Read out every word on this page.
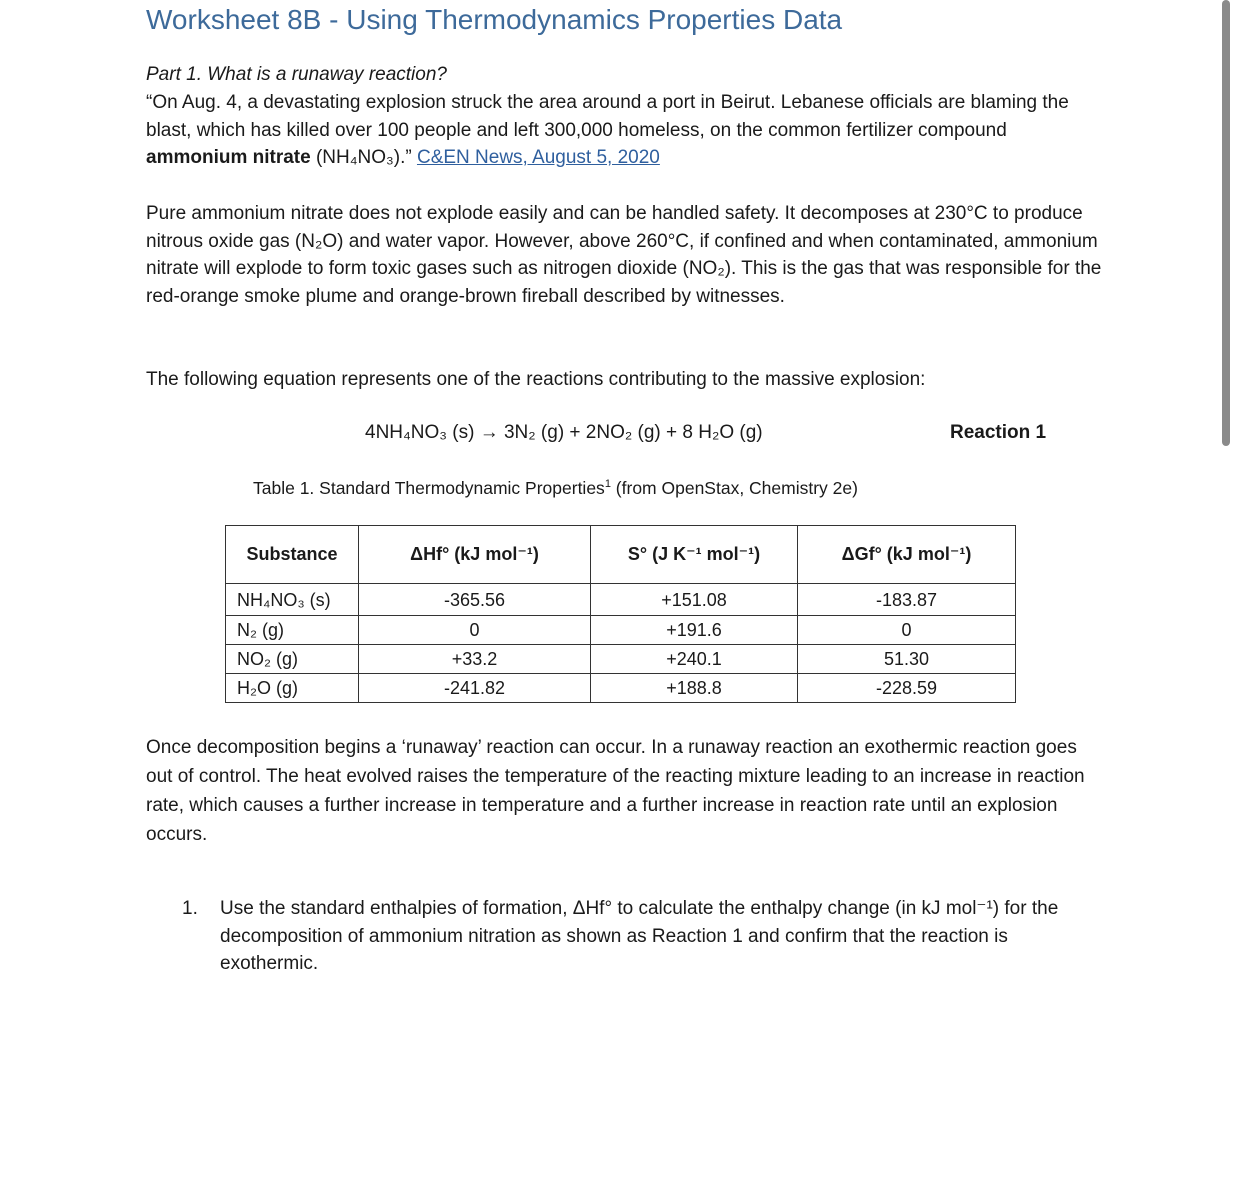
Worksheet 8B - Using Thermodynamics Properties Data
Part 1. What is a runaway reaction?
“On Aug. 4, a devastating explosion struck the area around a port in Beirut. Lebanese officials are blaming the blast, which has killed over 100 people and left 300,000 homeless, on the common fertilizer compound ammonium nitrate (NH₄NO₃).” C&EN News, August 5, 2020
Pure ammonium nitrate does not explode easily and can be handled safety. It decomposes at 230°C to produce nitrous oxide gas (N₂O) and water vapor. However, above 260°C, if confined and when contaminated, ammonium nitrate will explode to form toxic gases such as nitrogen dioxide (NO₂). This is the gas that was responsible for the red-orange smoke plume and orange-brown fireball described by witnesses.
The following equation represents one of the reactions contributing to the massive explosion:
4NH₄NO₃ (s) → 3N₂ (g) + 2NO₂ (g) + 8 H₂O (g)	Reaction 1
Table 1. Standard Thermodynamic Properties$^1$ (from OpenStax, Chemistry 2e)
Substance	ΔHf° (kJ mol⁻¹)	S° (J K⁻¹ mol⁻¹)	ΔGf° (kJ mol⁻¹)
NH₄NO₃ (s)	-365.56	+151.08	-183.87
N₂ (g)	0	+191.6	0
NO₂ (g)	+33.2	+240.1	51.30
H₂O (g)	-241.82	+188.8	-228.59
Once decomposition begins a ‘runaway’ reaction can occur. In a runaway reaction an exothermic reaction goes out of control. The heat evolved raises the temperature of the reacting mixture leading to an increase in reaction rate, which causes a further increase in temperature and a further increase in reaction rate until an explosion occurs.
1. Use the standard enthalpies of formation, ΔHf° to calculate the enthalpy change (in kJ mol⁻¹) for the decomposition of ammonium nitration as shown as Reaction 1 and confirm that the reaction is exothermic.
